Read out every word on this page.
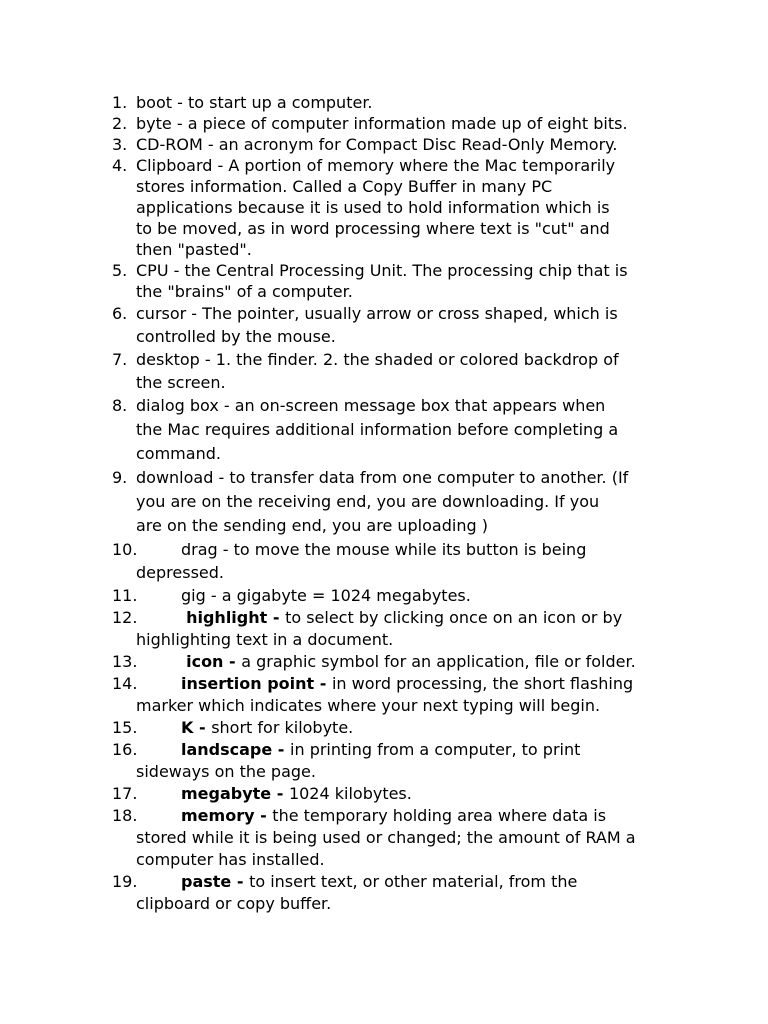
1. boot - to start up a computer.
2. byte - a piece of computer information made up of eight bits.
3. CD-ROM - an acronym for Compact Disc Read-Only Memory.
4. Clipboard - A portion of memory where the Mac temporarily
stores information. Called a Copy Buffer in many PC
applications because it is used to hold information which is
to be moved, as in word processing where text is "cut" and
then "pasted".
5. CPU - the Central Processing Unit. The processing chip that is
the "brains" of a computer.
6. cursor - The pointer, usually arrow or cross shaped, which is
controlled by the mouse.
7. desktop - 1. the finder. 2. the shaded or colored backdrop of
the screen.
8. dialog box - an on-screen message box that appears when
the Mac requires additional information before completing a
command.
9. download - to transfer data from one computer to another. (If
you are on the receiving end, you are downloading. If you
are on the sending end, you are uploading )
10.	drag - to move the mouse while its button is being
depressed.
11.	gig - a gigabyte = 1024 megabytes.
12.	highlight - to select by clicking once on an icon or by
highlighting text in a document.
13.	icon - a graphic symbol for an application, file or folder.
14.	insertion point - in word processing, the short flashing
marker which indicates where your next typing will begin.
15.	K - short for kilobyte.
16.	landscape - in printing from a computer, to print
sideways on the page.
17.	megabyte - 1024 kilobytes.
18.	memory - the temporary holding area where data is
stored while it is being used or changed; the amount of RAM a
computer has installed.
19.	paste - to insert text, or other material, from the
clipboard or copy buffer.
